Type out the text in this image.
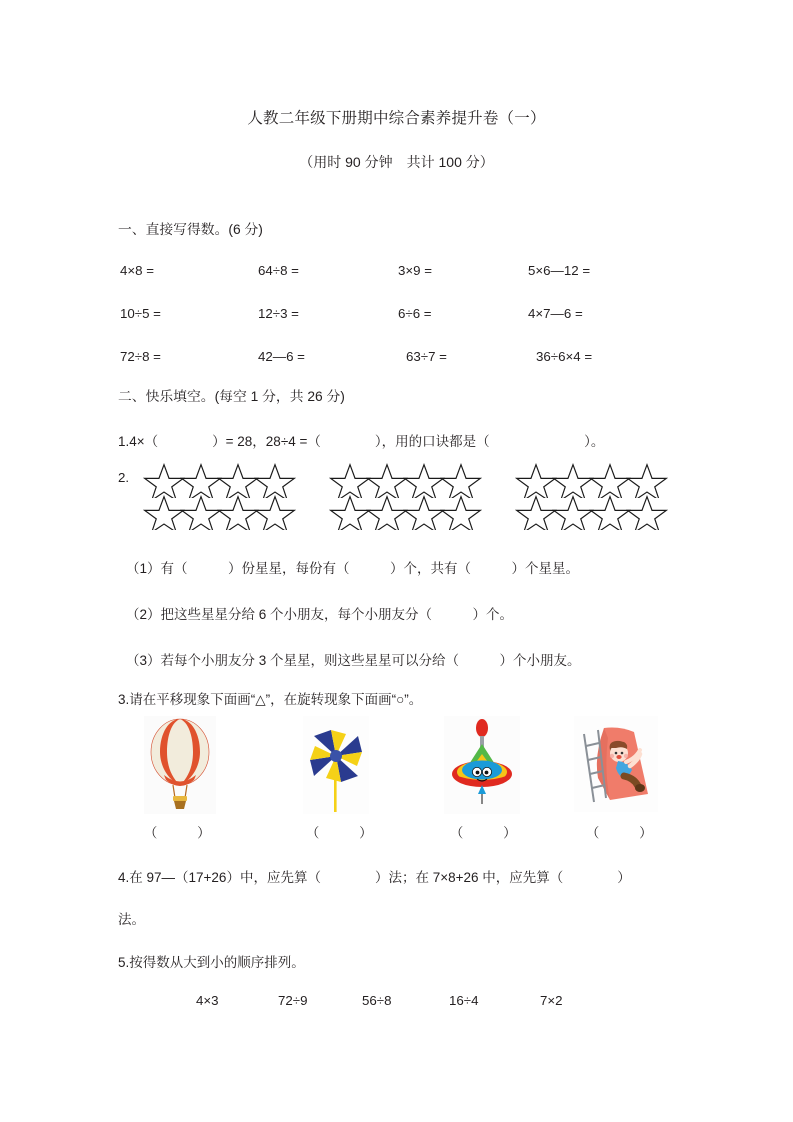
人教二年级下册期中综合素养提升卷（一）
（用时 90 分钟　共计 100 分）
一、直接写得数。(6 分)
4×8 =	64÷8 =	3×9 =	5×6—12 =
10÷5 =	12÷3 =	6÷6 =	4×7—6 =
72÷8 =	42—6 =	63÷7 =	36÷6×4 =
二、快乐填空。(每空 1 分，共 26 分)
1.4×（　　　　）= 28，28÷4 =（　　　　），用的口诀都是（　　　　　　　）。
2.
（1）有（　　　）份星星，每份有（　　　）个，共有（　　　）个星星。
（2）把这些星星分给 6 个小朋友，每个小朋友分（　　　）个。
（3）若每个小朋友分 3 个星星，则这些星星可以分给（　　　）个小朋友。
3.请在平移现象下面画“△”，在旋转现象下面画“○”。
（　　　）	（　　　）	（　　　）	（　　　）
4.在 97—（17+26）中，应先算（　　　　）法；在 7×8+26 中，应先算（　　　　）
法。
5.按得数从大到小的顺序排列。
4×3	72÷9	56÷8	16÷4	7×2
